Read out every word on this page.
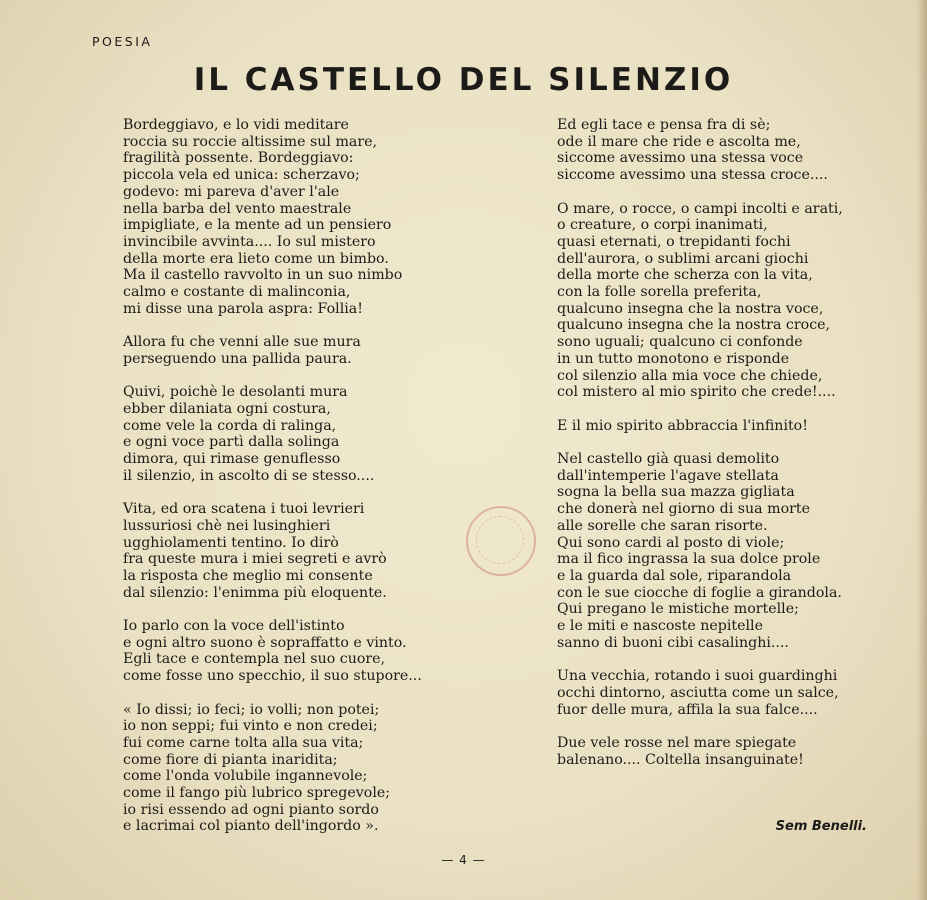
POESIA
IL CASTELLO DEL SILENZIO
Bordeggiavo, e lo vidi meditare
roccia su roccie altissime sul mare,
fragilità possente. Bordeggiavo:
piccola vela ed unica: scherzavo;
godevo: mi pareva d'aver l'ale
nella barba del vento maestrale
impigliate, e la mente ad un pensiero
invincibile avvinta.... Io sul mistero
della morte era lieto come un bimbo.
Ma il castello ravvolto in un suo nimbo
calmo e costante di malinconia,
mi disse una parola aspra: Follia!
Allora fu che venni alle sue mura
perseguendo una pallida paura.
Quivi, poichè le desolanti mura
ebber dilaniata ogni costura,
come vele la corda di ralinga,
e ogni voce partì dalla solinga
dimora, qui rimase genuflesso
il silenzio, in ascolto di se stesso....
Vita, ed ora scatena i tuoi levrieri
lussuriosi chè nei lusinghieri
ugghiolamenti tentino. Io dirò
fra queste mura i miei segreti e avrò
la risposta che meglio mi consente
dal silenzio: l'enimma più eloquente.
Io parlo con la voce dell'istinto
e ogni altro suono è sopraffatto e vinto.
Egli tace e contempla nel suo cuore,
come fosse uno specchio, il suo stupore...
« Io dissi; io feci; io volli; non potei;
io non seppi; fui vinto e non credei;
fui come carne tolta alla sua vita;
come fiore di pianta inaridita;
come l'onda volubile ingannevole;
come il fango più lubrico spregevole;
io risi essendo ad ogni pianto sordo
e lacrimai col pianto dell'ingordo ».
Ed egli tace e pensa fra di sè;
ode il mare che ride e ascolta me,
siccome avessimo una stessa voce
siccome avessimo una stessa croce....
O mare, o rocce, o campi incolti e arati,
o creature, o corpi inanimati,
quasi eternati, o trepidanti fochi
dell'aurora, o sublimi arcani giochi
della morte che scherza con la vita,
con la folle sorella preferita,
qualcuno insegna che la nostra voce,
qualcuno insegna che la nostra croce,
sono uguali; qualcuno ci confonde
in un tutto monotono e risponde
col silenzio alla mia voce che chiede,
col mistero al mio spirito che crede!....
E il mio spirito abbraccia l'infinito!
Nel castello già quasi demolito
dall'intemperie l'agave stellata
sogna la bella sua mazza gigliata
che donerà nel giorno di sua morte
alle sorelle che saran risorte.
Qui sono cardi al posto di viole;
ma il fico ingrassa la sua dolce prole
e la guarda dal sole, riparandola
con le sue ciocche di foglie a girandola.
Qui pregano le mistiche mortelle;
e le miti e nascoste nepitelle
sanno di buoni cibi casalinghi....
Una vecchia, rotando i suoi guardinghi
occhi dintorno, asciutta come un salce,
fuor delle mura, affila la sua falce....
Due vele rosse nel mare spiegate
balenano.... Coltella insanguinate!
Sem Benelli.
— 4 —
